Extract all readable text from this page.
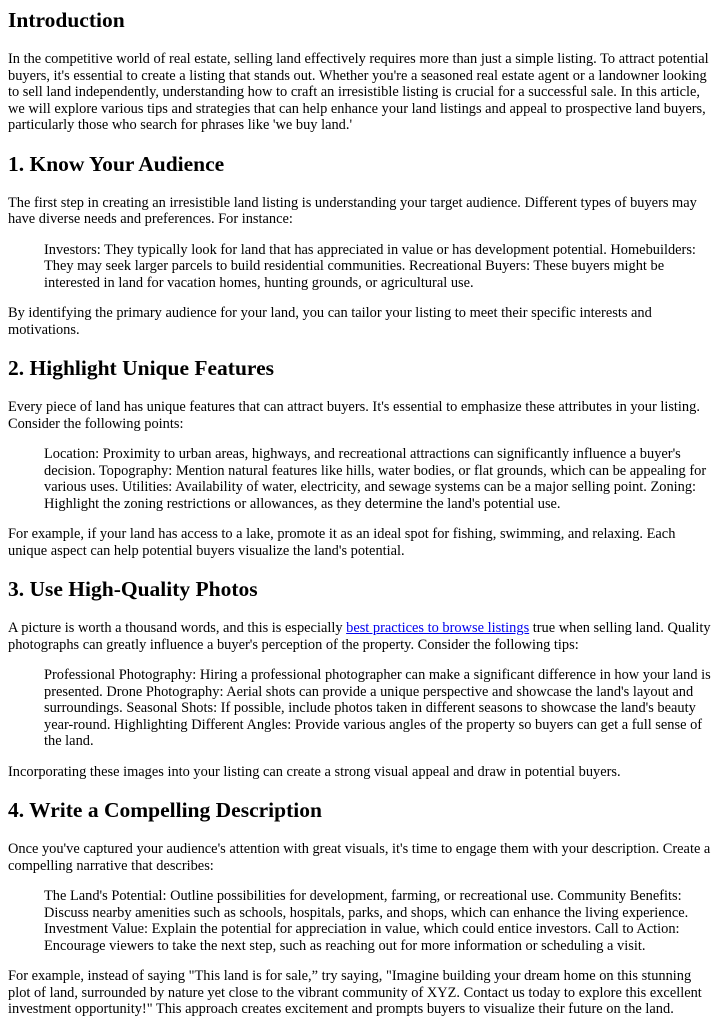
Introduction

In the competitive world of real estate, selling land effectively requires more than just a simple listing. To attract potential buyers, it's essential to create a listing that stands out. Whether you're a seasoned real estate agent or a landowner looking to sell land independently, understanding how to craft an irresistible listing is crucial for a successful sale. In this article, we will explore various tips and strategies that can help enhance your land listings and appeal to prospective land buyers, particularly those who search for phrases like 'we buy land.'

1. Know Your Audience

The first step in creating an irresistible land listing is understanding your target audience. Different types of buyers may have diverse needs and preferences. For instance:

Investors: They typically look for land that has appreciated in value or has development potential. Homebuilders: They may seek larger parcels to build residential communities. Recreational Buyers: These buyers might be interested in land for vacation homes, hunting grounds, or agricultural use.

By identifying the primary audience for your land, you can tailor your listing to meet their specific interests and motivations.

2. Highlight Unique Features

Every piece of land has unique features that can attract buyers. It's essential to emphasize these attributes in your listing. Consider the following points:

Location: Proximity to urban areas, highways, and recreational attractions can significantly influence a buyer's decision. Topography: Mention natural features like hills, water bodies, or flat grounds, which can be appealing for various uses. Utilities: Availability of water, electricity, and sewage systems can be a major selling point. Zoning: Highlight the zoning restrictions or allowances, as they determine the land's potential use.

For example, if your land has access to a lake, promote it as an ideal spot for fishing, swimming, and relaxing. Each unique aspect can help potential buyers visualize the land's potential.

3. Use High-Quality Photos

A picture is worth a thousand words, and this is especially best practices to browse listings true when selling land. Quality photographs can greatly influence a buyer's perception of the property. Consider the following tips:

Professional Photography: Hiring a professional photographer can make a significant difference in how your land is presented. Drone Photography: Aerial shots can provide a unique perspective and showcase the land's layout and surroundings. Seasonal Shots: If possible, include photos taken in different seasons to showcase the land's beauty year-round. Highlighting Different Angles: Provide various angles of the property so buyers can get a full sense of the land.

Incorporating these images into your listing can create a strong visual appeal and draw in potential buyers.

4. Write a Compelling Description

Once you've captured your audience's attention with great visuals, it's time to engage them with your description. Create a compelling narrative that describes:

The Land's Potential: Outline possibilities for development, farming, or recreational use. Community Benefits: Discuss nearby amenities such as schools, hospitals, parks, and shops, which can enhance the living experience. Investment Value: Explain the potential for appreciation in value, which could entice investors. Call to Action: Encourage viewers to take the next step, such as reaching out for more information or scheduling a visit.

For example, instead of saying "This land is for sale,” try saying, "Imagine building your dream home on this stunning plot of land, surrounded by nature yet close to the vibrant community of XYZ. Contact us today to explore this excellent investment opportunity!" This approach creates excitement and prompts buyers to visualize their future on the land.
